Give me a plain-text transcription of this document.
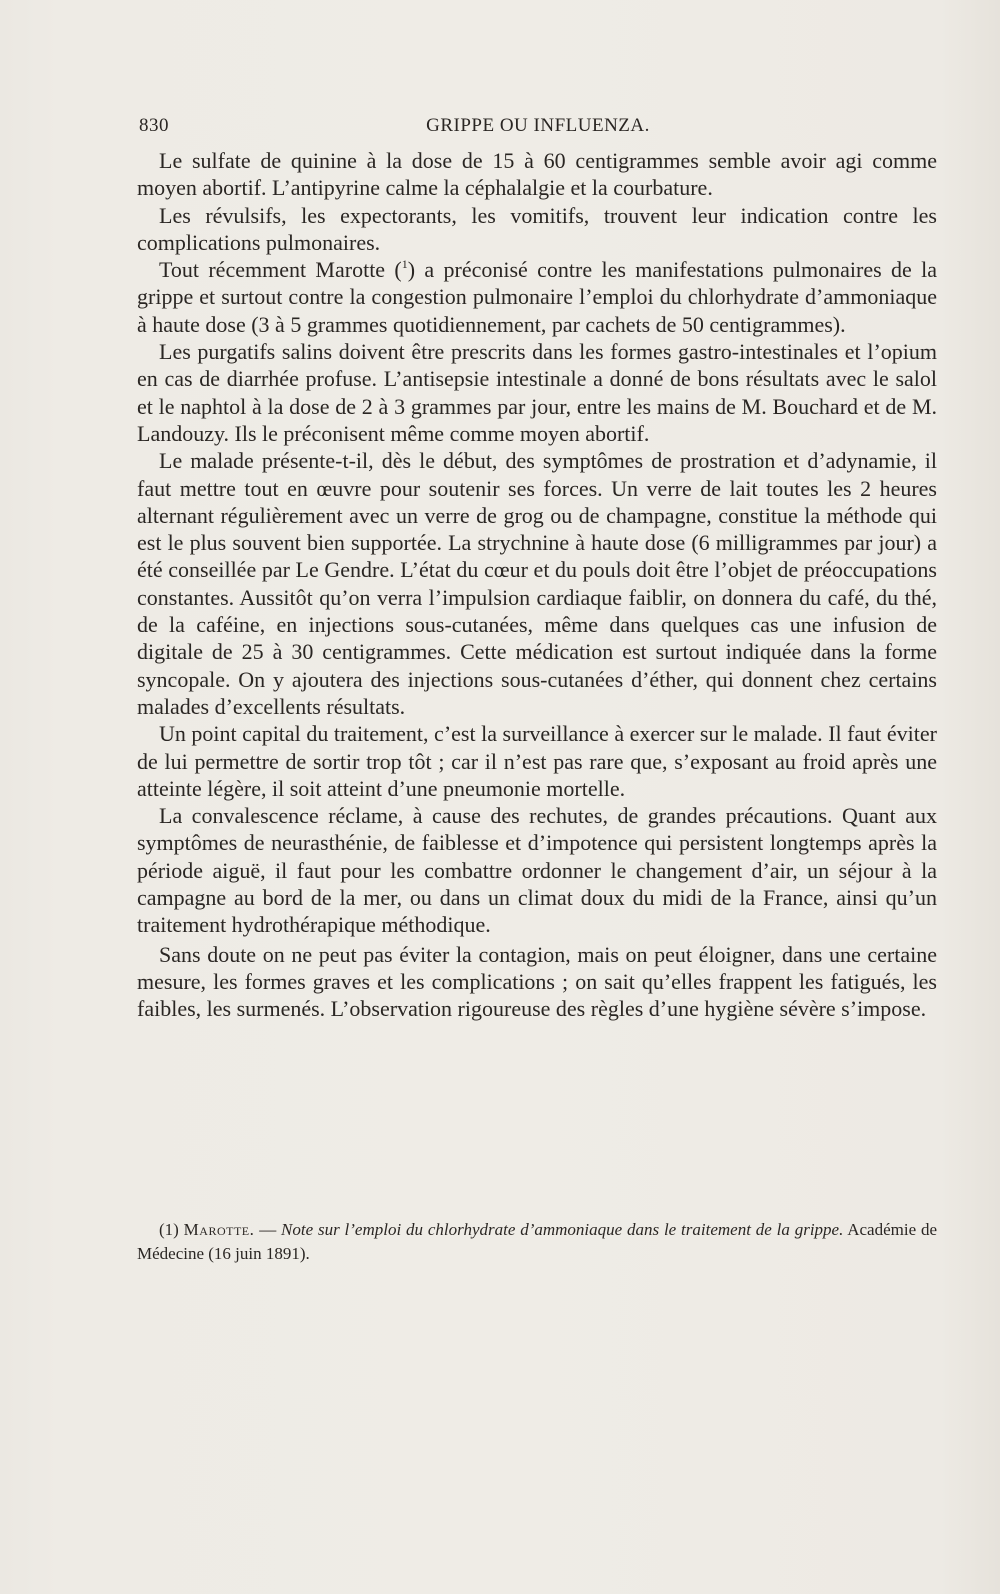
830	GRIPPE OU INFLUENZA.

Le sulfate de quinine à la dose de 15 à 60 centigrammes semble avoir agi comme moyen abortif. L’antipyrine calme la céphalalgie et la courbature.

Les révulsifs, les expectorants, les vomitifs, trouvent leur indication contre les complications pulmonaires.

Tout récemment Marotte ($^1$) a préconisé contre les manifestations pulmonaires de la grippe et surtout contre la congestion pulmonaire l’emploi du chlorhydrate d’ammoniaque à haute dose (3 à 5 grammes quotidiennement, par cachets de 50 centigrammes).

Les purgatifs salins doivent être prescrits dans les formes gastro-intestinales et l’opium en cas de diarrhée profuse. L’antisepsie intestinale a donné de bons résultats avec le salol et le naphtol à la dose de 2 à 3 grammes par jour, entre les mains de M. Bouchard et de M. Landouzy. Ils le préconisent même comme moyen abortif.

Le malade présente-t-il, dès le début, des symptômes de prostration et d’adynamie, il faut mettre tout en œuvre pour soutenir ses forces. Un verre de lait toutes les 2 heures alternant régulièrement avec un verre de grog ou de champagne, constitue la méthode qui est le plus souvent bien supportée. La strychnine à haute dose (6 milligrammes par jour) a été conseillée par Le Gendre. L’état du cœur et du pouls doit être l’objet de préoccupations constantes. Aussitôt qu’on verra l’impulsion cardiaque faiblir, on donnera du café, du thé, de la caféine, en injections sous-cutanées, même dans quelques cas une infusion de digitale de 25 à 30 centigrammes. Cette médication est surtout indiquée dans la forme syncopale. On y ajoutera des injections sous-cutanées d’éther, qui donnent chez certains malades d’excellents résultats.

Un point capital du traitement, c’est la surveillance à exercer sur le malade. Il faut éviter de lui permettre de sortir trop tôt ; car il n’est pas rare que, s’exposant au froid après une atteinte légère, il soit atteint d’une pneumonie mortelle.

La convalescence réclame, à cause des rechutes, de grandes précautions. Quant aux symptômes de neurasthénie, de faiblesse et d’impotence qui persistent longtemps après la période aiguë, il faut pour les combattre ordonner le changement d’air, un séjour à la campagne au bord de la mer, ou dans un climat doux du midi de la France, ainsi qu’un traitement hydrothérapique méthodique.

Sans doute on ne peut pas éviter la contagion, mais on peut éloigner, dans une certaine mesure, les formes graves et les complications ; on sait qu’elles frappent les fatigués, les faibles, les surmenés. L’observation rigoureuse des règles d’une hygiène sévère s’impose.

(1) Marotte. — Note sur l’emploi du chlorhydrate d’ammoniaque dans le traitement de la grippe. Académie de Médecine (16 juin 1891).
